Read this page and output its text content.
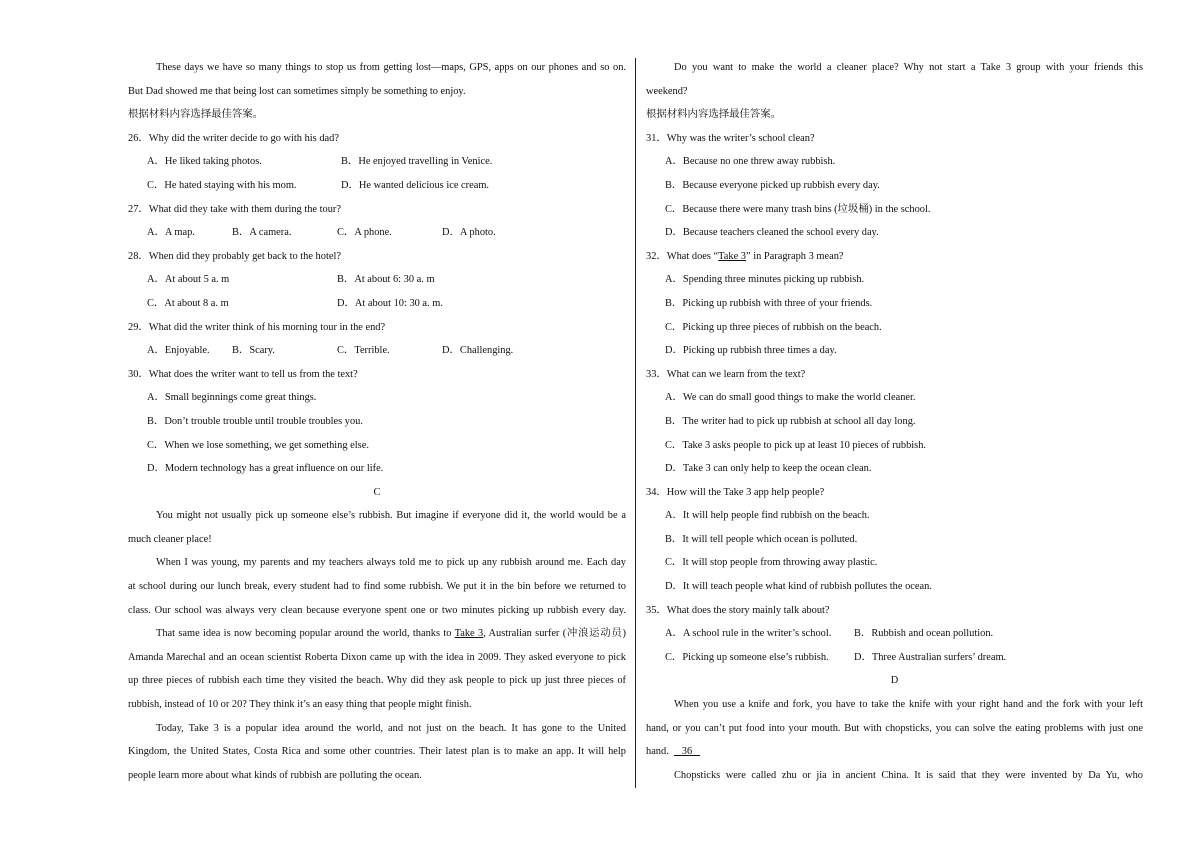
These days we have so many things to stop us from getting lost—maps, GPS, apps on our phones and so on.
But Dad showed me that being lost can sometimes simply be something to enjoy.
根据材料内容选择最佳答案。
26．Why did the writer decide to go with his dad?
A．He liked taking photos.	B．He enjoyed travelling in Venice.
C．He hated staying with his mom.	D．He wanted delicious ice cream.
27．What did they take with them during the tour?
A．A map.	B．A camera.	C．A phone.	D．A photo.
28．When did they probably get back to the hotel?
A．At about 5 a. m	B．At about 6: 30 a. m
C．At about 8 a. m	D．At about 10: 30 a. m.
29．What did the writer think of his morning tour in the end?
A．Enjoyable.	B．Scary.	C．Terrible.	D．Challenging.
30．What does the writer want to tell us from the text?
A．Small beginnings come great things.
B．Don’t trouble trouble until trouble troubles you.
C．When we lose something, we get something else.
D．Modern technology has a great influence on our life.
C
You might not usually pick up someone else’s rubbish. But imagine if everyone did it, the world would be a
much cleaner place!
When I was young, my parents and my teachers always told me to pick up any rubbish around me. Each day
at school during our lunch break, every student had to find some rubbish. We put it in the bin before we returned to
class. Our school was always very clean because everyone spent one or two minutes picking up rubbish every day.
That same idea is now becoming popular around the world, thanks to Take 3, Australian surfer (冲浪运动员)
Amanda Marechal and an ocean scientist Roberta Dixon came up with the idea in 2009. They asked everyone to pick
up three pieces of rubbish each time they visited the beach. Why did they ask people to pick up just three pieces of
rubbish, instead of 10 or 20? They think it’s an easy thing that people might finish.
Today, Take 3 is a popular idea around the world, and not just on the beach. It has gone to the United
Kingdom, the United States, Costa Rica and some other countries. Their latest plan is to make an app. It will help
people learn more about what kinds of rubbish are polluting the ocean.
Do you want to make the world a cleaner place? Why not start a Take 3 group with your friends this
weekend?
根据材料内容选择最佳答案。
31．Why was the writer’s school clean?
A．Because no one threw away rubbish.
B．Because everyone picked up rubbish every day.
C．Because there were many trash bins (垃圾桶) in the school.
D．Because teachers cleaned the school every day.
32．What does “Take 3” in Paragraph 3 mean?
A．Spending three minutes picking up rubbish.
B．Picking up rubbish with three of your friends.
C．Picking up three pieces of rubbish on the beach.
D．Picking up rubbish three times a day.
33．What can we learn from the text?
A．We can do small good things to make the world cleaner.
B．The writer had to pick up rubbish at school all day long.
C．Take 3 asks people to pick up at least 10 pieces of rubbish.
D．Take 3 can only help to keep the ocean clean.
34．How will the Take 3 app help people?
A．It will help people find rubbish on the beach.
B．It will tell people which ocean is polluted.
C．It will stop people from throwing away plastic.
D．It will teach people what kind of rubbish pollutes the ocean.
35．What does the story mainly talk about?
A．A school rule in the writer’s school.	B．Rubbish and ocean pollution.
C．Picking up someone else’s rubbish.	D．Three Australian surfers’ dream.
D
When you use a knife and fork, you have to take the knife with your right hand and the fork with your left
hand, or you can’t put food into your mouth. But with chopsticks, you can solve the eating problems with just one
hand.     36
Chopsticks were called zhu or jia in ancient China. It is said that they were invented by Da Yu, who
